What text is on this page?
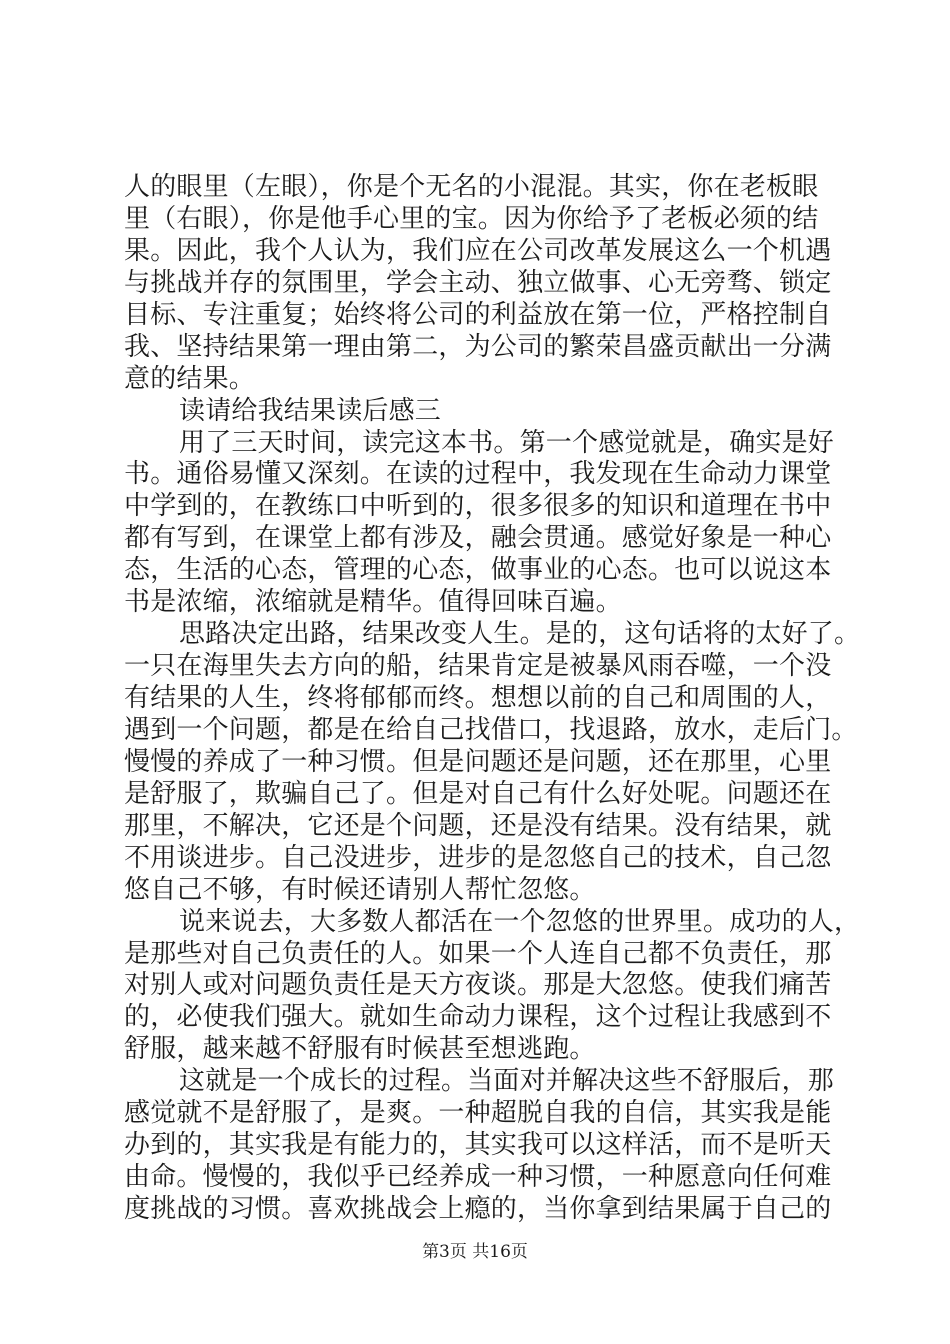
人的眼里（左眼），你是个无名的小混混。其实，你在老板眼
里（右眼），你是他手心里的宝。因为你给予了老板必须的结
果。因此，我个人认为，我们应在公司改革发展这么一个机遇
与挑战并存的氛围里，学会主动、独立做事、心无旁骛、锁定
目标、专注重复；始终将公司的利益放在第一位，严格控制自
我、坚持结果第一理由第二，为公司的繁荣昌盛贡献出一分满
意的结果。
读请给我结果读后感三
用了三天时间，读完这本书。第一个感觉就是，确实是好
书。通俗易懂又深刻。在读的过程中，我发现在生命动力课堂
中学到的，在教练口中听到的，很多很多的知识和道理在书中
都有写到，在课堂上都有涉及，融会贯通。感觉好象是一种心
态，生活的心态，管理的心态，做事业的心态。也可以说这本
书是浓缩，浓缩就是精华。值得回味百遍。
思路决定出路，结果改变人生。是的，这句话将的太好了。
一只在海里失去方向的船，结果肯定是被暴风雨吞噬，一个没
有结果的人生，终将郁郁而终。想想以前的自己和周围的人，
遇到一个问题，都是在给自己找借口，找退路，放水，走后门。
慢慢的养成了一种习惯。但是问题还是问题，还在那里，心里
是舒服了，欺骗自己了。但是对自己有什么好处呢。问题还在
那里，不解决，它还是个问题，还是没有结果。没有结果，就
不用谈进步。自己没进步，进步的是忽悠自己的技术，自己忽
悠自己不够，有时候还请别人帮忙忽悠。
说来说去，大多数人都活在一个忽悠的世界里。成功的人，
是那些对自己负责任的人。如果一个人连自己都不负责任，那
对别人或对问题负责任是天方夜谈。那是大忽悠。使我们痛苦
的，必使我们强大。就如生命动力课程，这个过程让我感到不
舒服，越来越不舒服有时候甚至想逃跑。
这就是一个成长的过程。当面对并解决这些不舒服后，那
感觉就不是舒服了，是爽。一种超脱自我的自信，其实我是能
办到的，其实我是有能力的，其实我可以这样活，而不是听天
由命。慢慢的，我似乎已经养成一种习惯，一种愿意向任何难
度挑战的习惯。喜欢挑战会上瘾的，当你拿到结果属于自己的
第3页 共16页
